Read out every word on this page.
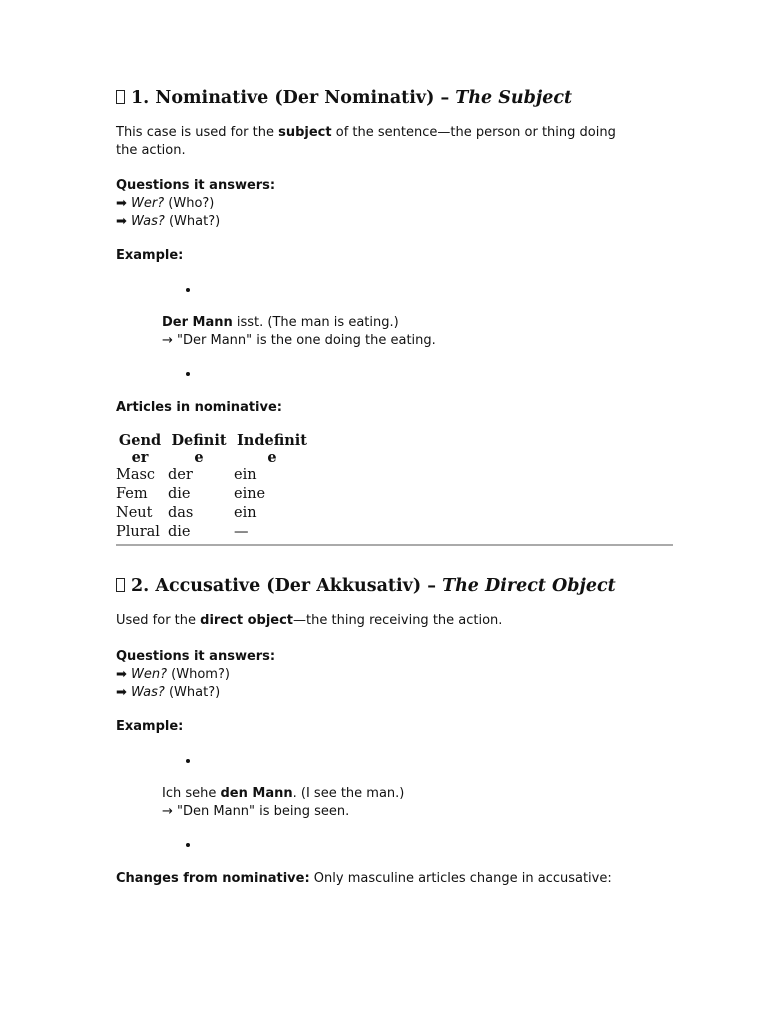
1. Nominative (Der Nominativ) – The Subject
This case is used for the subject of the sentence—the person or thing doing the action.
Questions it answers:
➡ Wer? (Who?)
➡ Was? (What?)
Example:
Der Mann isst. (The man is eating.)
→ "Der Mann" is the one doing the eating.
Articles in nominative:
Gender	Definite	Indefinite
Masc	der	ein
Fem	die	eine
Neut	das	ein
Plural	die	—
2. Accusative (Der Akkusativ) – The Direct Object
Used for the direct object—the thing receiving the action.
Questions it answers:
➡ Wen? (Whom?)
➡ Was? (What?)
Example:
Ich sehe den Mann. (I see the man.)
→ "Den Mann" is being seen.
Changes from nominative: Only masculine articles change in accusative:
